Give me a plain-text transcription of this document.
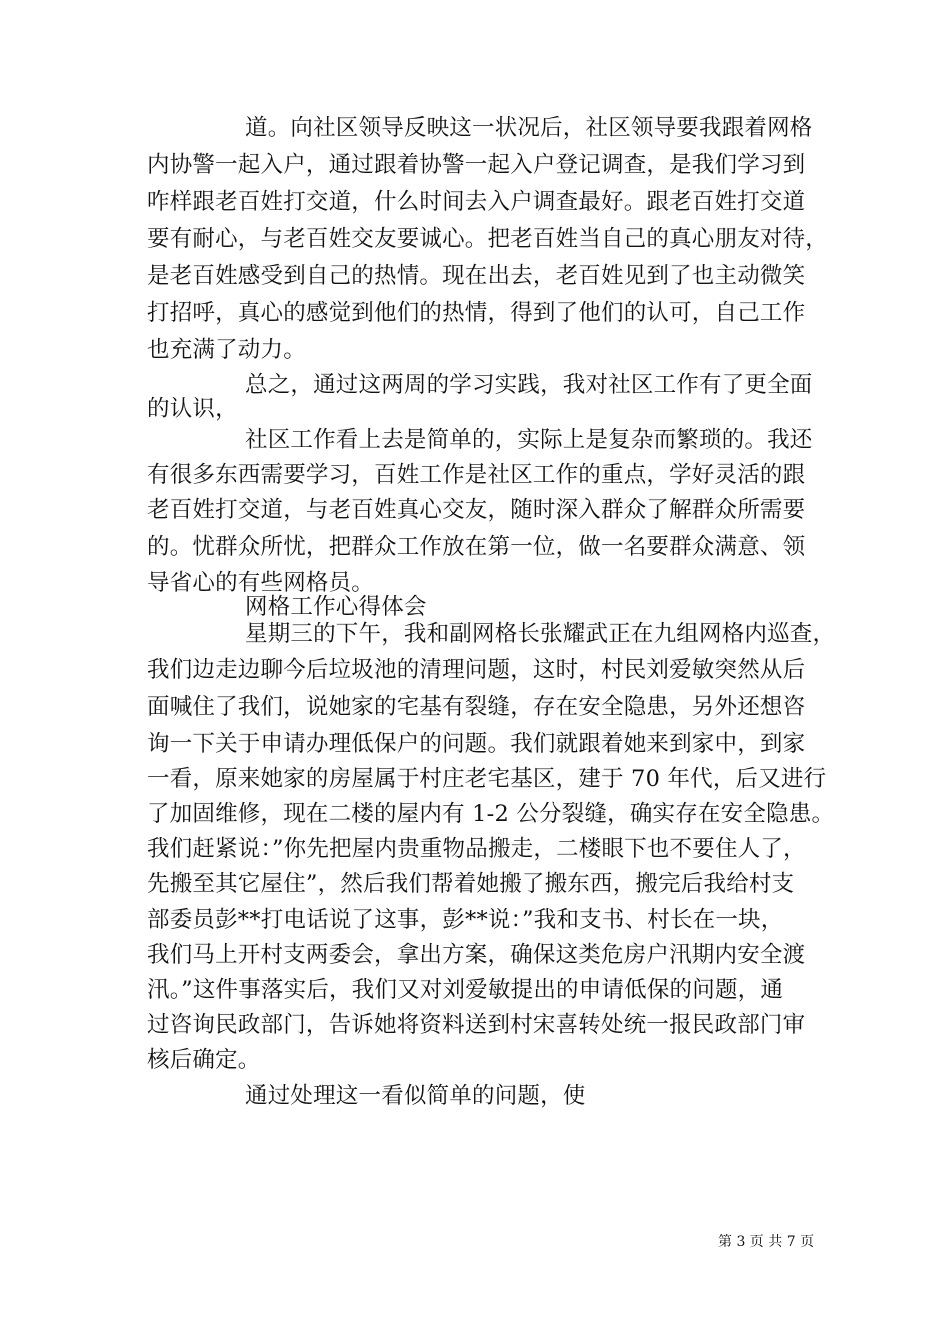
道。向社区领导反映这一状况后，社区领导要我跟着网格
内协警一起入户，通过跟着协警一起入户登记调查，是我们学习到
咋样跟老百姓打交道，什么时间去入户调查最好。跟老百姓打交道
要有耐心，与老百姓交友要诚心。把老百姓当自己的真心朋友对待，
是老百姓感受到自己的热情。现在出去，老百姓见到了也主动微笑
打招呼，真心的感觉到他们的热情，得到了他们的认可，自己工作
也充满了动力。
总之，通过这两周的学习实践，我对社区工作有了更全面
的认识，
社区工作看上去是简单的，实际上是复杂而繁琐的。我还
有很多东西需要学习，百姓工作是社区工作的重点，学好灵活的跟
老百姓打交道，与老百姓真心交友，随时深入群众了解群众所需要
的。忧群众所忧，把群众工作放在第一位，做一名要群众满意、领
导省心的有些网格员。
网格工作心得体会
星期三的下午，我和副网格长张耀武正在九组网格内巡查，
我们边走边聊今后垃圾池的清理问题，这时，村民刘爱敏突然从后
面喊住了我们，说她家的宅基有裂缝，存在安全隐患，另外还想咨
询一下关于申请办理低保户的问题。我们就跟着她来到家中，到家
一看，原来她家的房屋属于村庄老宅基区，建于 70 年代，后又进行
了加固维修，现在二楼的屋内有 1-2 公分裂缝，确实存在安全隐患。
我们赶紧说：”你先把屋内贵重物品搬走，二楼眼下也不要住人了，
先搬至其它屋住”，然后我们帮着她搬了搬东西，搬完后我给村支
部委员彭**打电话说了这事，彭**说：”我和支书、村长在一块，
我们马上开村支两委会，拿出方案，确保这类危房户汛期内安全渡
汛。”这件事落实后，我们又对刘爱敏提出的申请低保的问题，通
过咨询民政部门，告诉她将资料送到村宋喜转处统一报民政部门审
核后确定。
通过处理这一看似简单的问题，使
第 3 页 共 7 页
